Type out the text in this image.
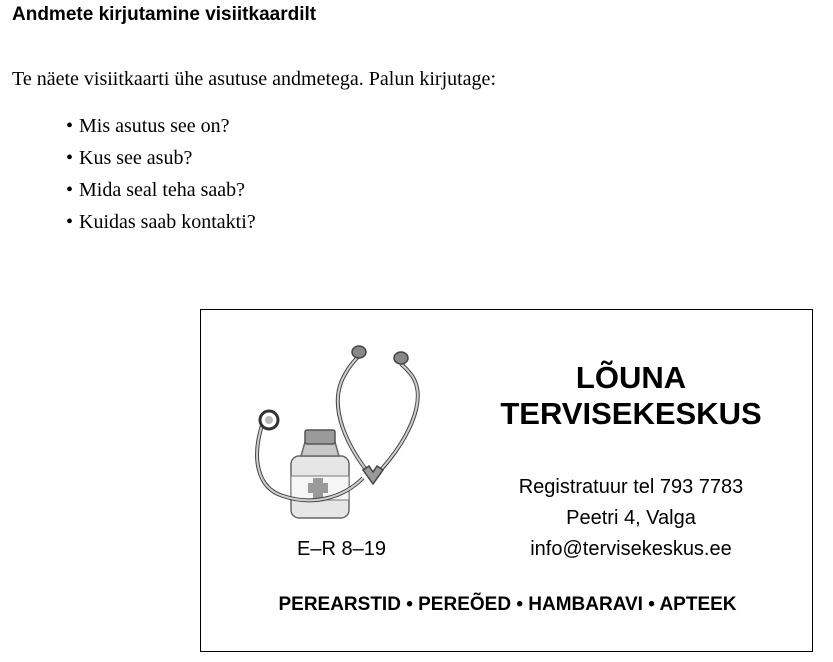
Andmete kirjutamine visiitkaardilt
Te näete visiitkaarti ühe asutuse andmetega. Palun kirjutage:
• Mis asutus see on?
• Kus see asub?
• Mida seal teha saab?
• Kuidas saab kontakti?
E–R 8–19
LÕUNA
TERVISEKESKUS
Registratuur tel 793 7783
Peetri 4, Valga
info@tervisekeskus.ee
PEREARSTID • PEREÕED • HAMBARAVI • APTEEK
